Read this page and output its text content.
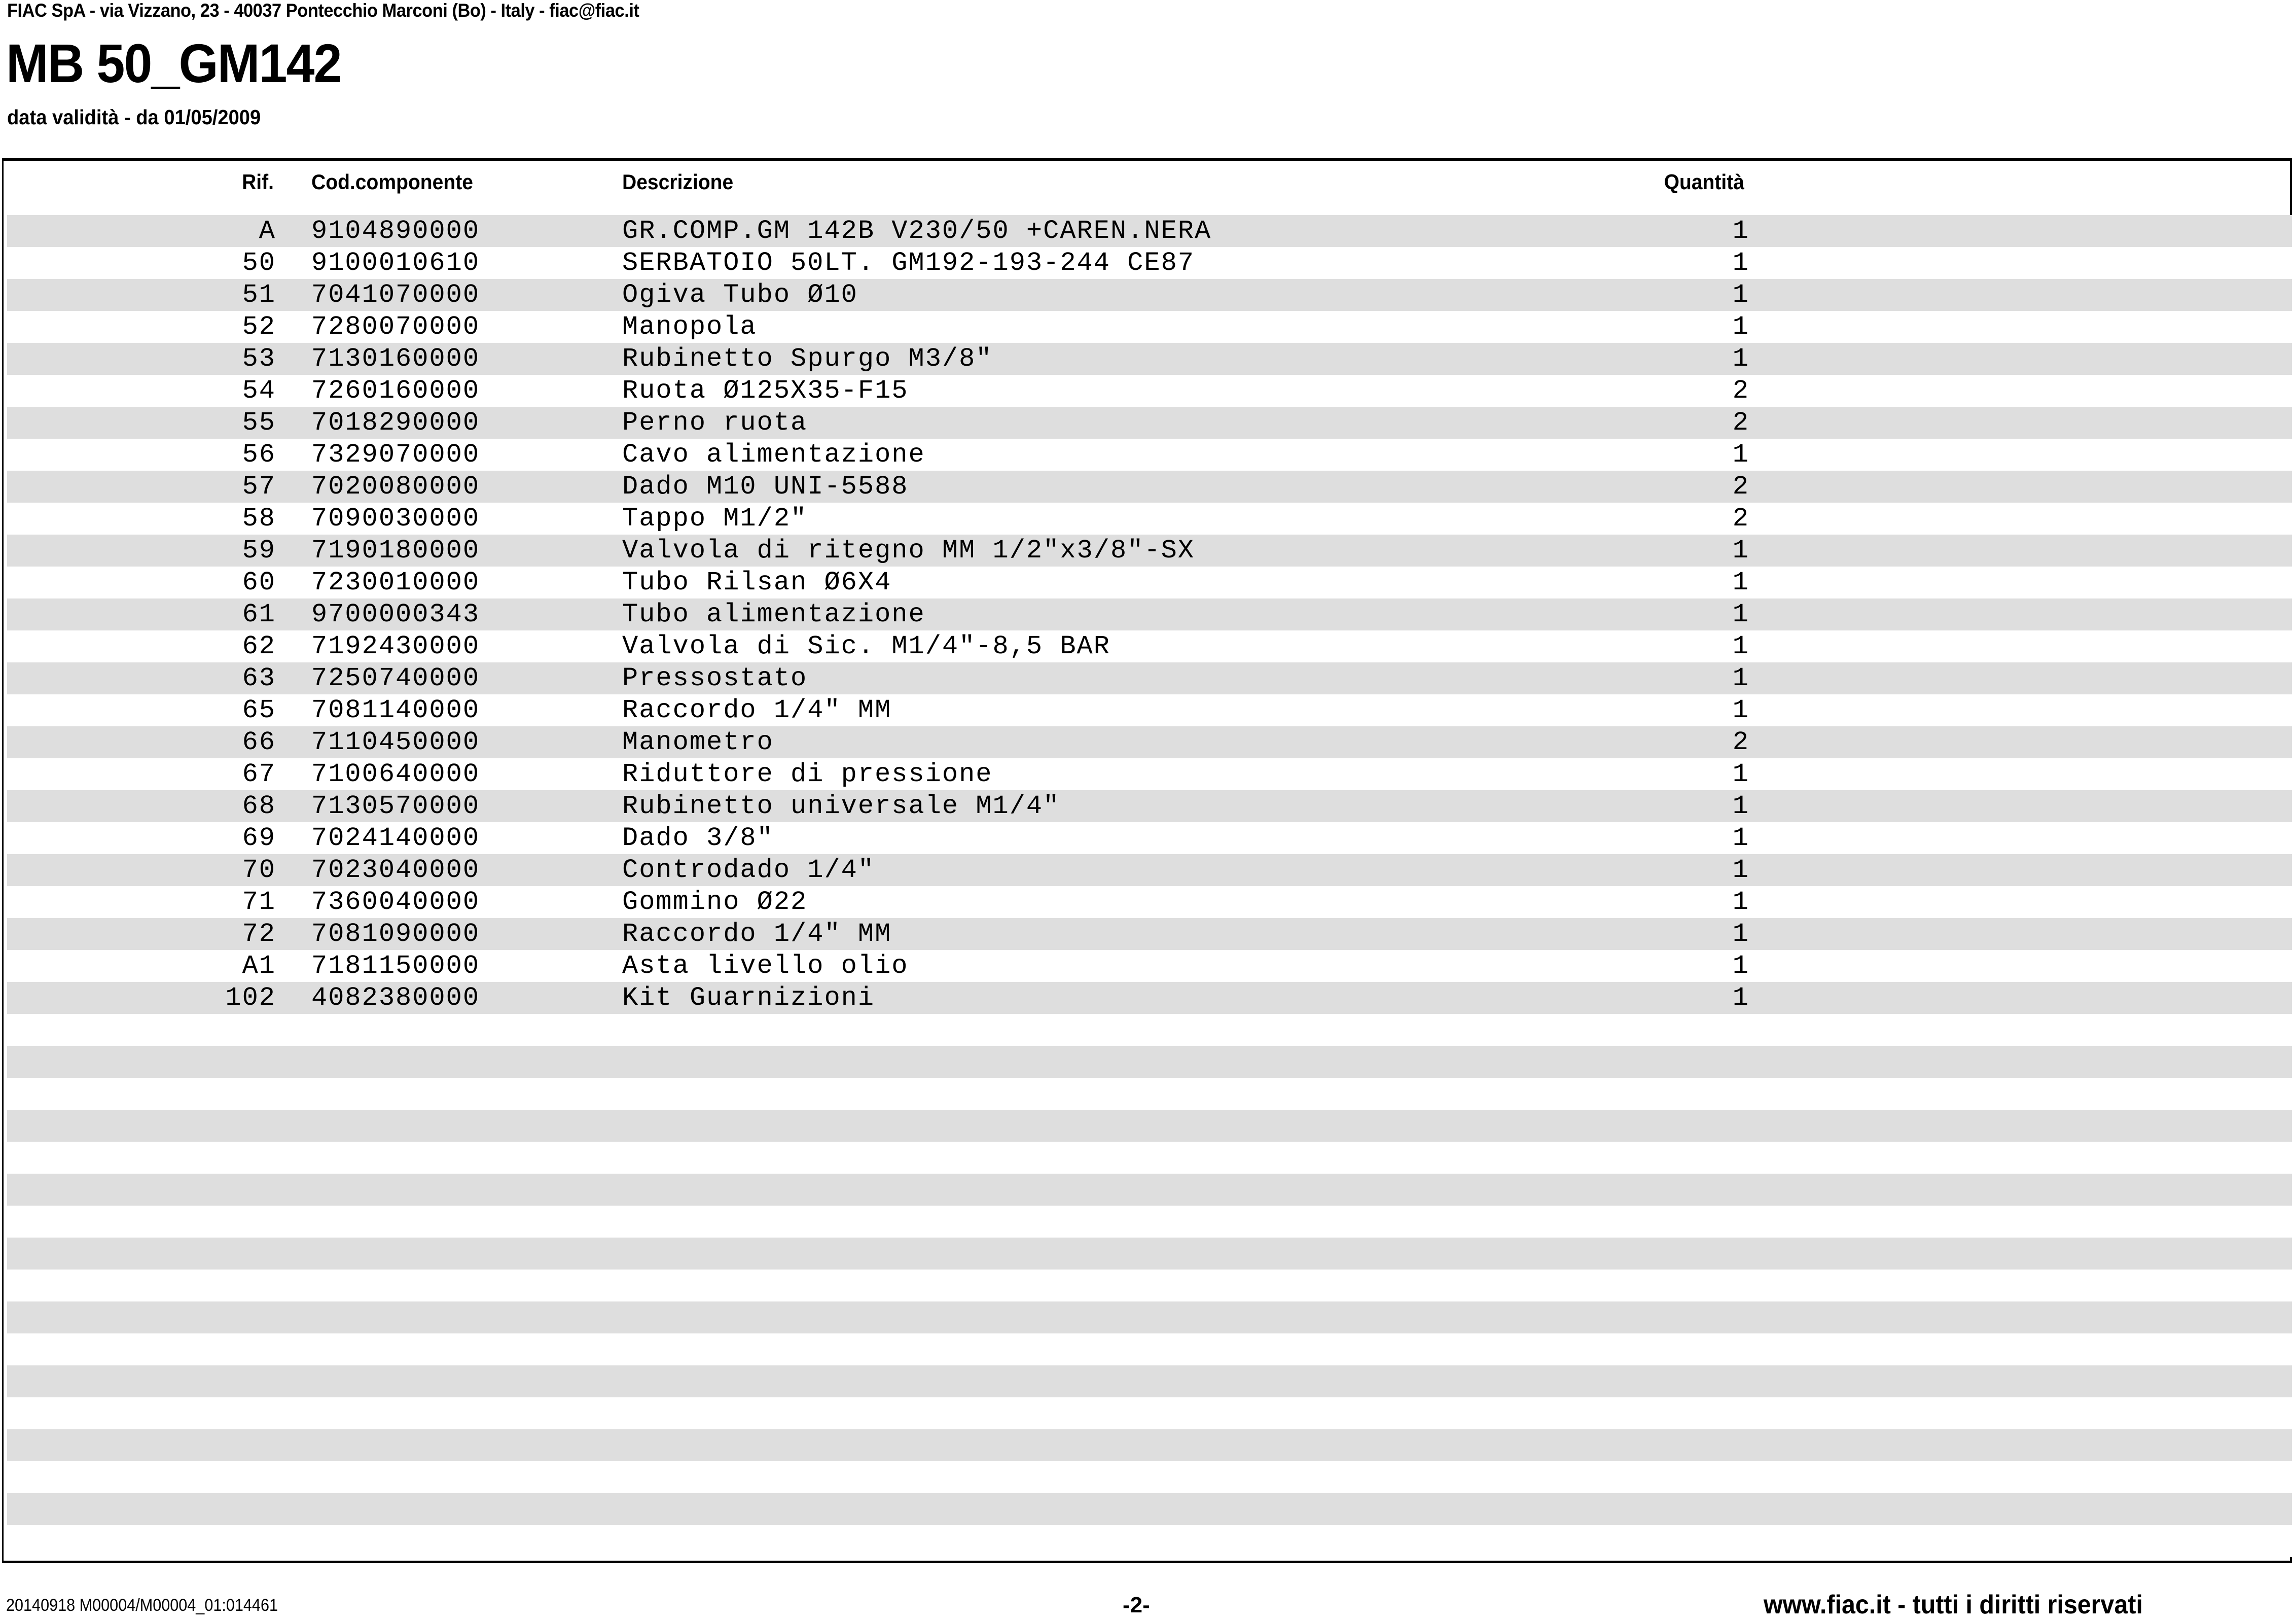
FIAC SpA - via Vizzano, 23 - 40037 Pontecchio Marconi (Bo) - Italy - fiac@fiac.it
MB 50_GM142
data validità - da 01/05/2009
Rif. Cod.componente	Descrizione	Quantità
A 9104890000	GR.COMP.GM 142B V230/50 +CAREN.NERA	1
50 9100010610	SERBATOIO 50LT. GM192-193-244 CE87	1
51 7041070000	Ogiva Tubo Ø10	1
52 7280070000	Manopola	1
53 7130160000	Rubinetto Spurgo M3/8"	1
54 7260160000	Ruota Ø125X35-F15	2
55 7018290000	Perno ruota	2
56 7329070000	Cavo alimentazione	1
57 7020080000	Dado M10 UNI-5588	2
58 7090030000	Tappo M1/2"	2
59 7190180000	Valvola di ritegno MM 1/2"x3/8"-SX	1
60 7230010000	Tubo Rilsan Ø6X4	1
61 9700000343	Tubo alimentazione	1
62 7192430000	Valvola di Sic. M1/4"-8,5 BAR	1
63 7250740000	Pressostato	1
65 7081140000	Raccordo 1/4" MM	1
66 7110450000	Manometro	2
67 7100640000	Riduttore di pressione	1
68 7130570000	Rubinetto universale M1/4"	1
69 7024140000	Dado 3/8"	1
70 7023040000	Controdado 1/4"	1
71 7360040000	Gommino Ø22	1
72 7081090000	Raccordo 1/4" MM	1
A1 7181150000	Asta livello olio	1
102 4082380000	Kit Guarnizioni	1
20140918 M00004/M00004_01:014461	-2-	www.fiac.it - tutti i diritti riservati
